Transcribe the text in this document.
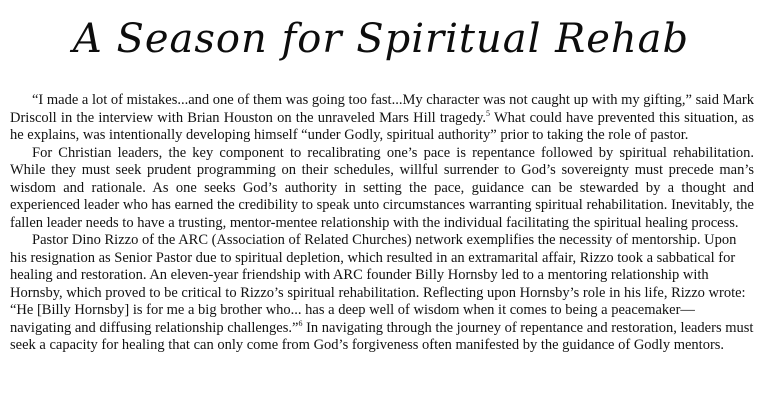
A Season for Spiritual Rehab

“I made a lot of mistakes...and one of them was going too fast...My character was not caught up with my gifting,” said Mark Driscoll in the interview with Brian Houston on the unraveled Mars Hill tragedy.$^5$ What could have prevented this situation, as he explains, was intentionally developing himself “under Godly, spiritual authority” prior to taking the role of pastor.

For Christian leaders, the key component to recalibrating one’s pace is repentance followed by spiritual rehabilitation. While they must seek prudent programming on their schedules, willful surrender to God’s sovereignty must precede man’s wisdom and rationale. As one seeks God’s authority in setting the pace, guidance can be stewarded by a thought and experienced leader who has earned the credibility to speak unto circumstances warranting spiritual rehabilitation. Inevitably, the fallen leader needs to have a trusting, mentor-mentee relationship with the individual facilitating the spiritual healing process.

Pastor Dino Rizzo of the ARC (Association of Related Churches) network exemplifies the necessity of mentorship. Upon his resignation as Senior Pastor due to spiritual depletion, which resulted in an extramarital affair, Rizzo took a sabbatical for healing and restoration. An eleven-year friendship with ARC founder Billy Hornsby led to a mentoring relationship with Hornsby, which proved to be critical to Rizzo’s spiritual rehabilitation. Reflecting upon Hornsby’s role in his life, Rizzo wrote: “He [Billy Hornsby] is for me a big brother who... has a deep well of wisdom when it comes to being a peacemaker—navigating and diffusing relationship challenges.”$^6$ In navigating through the journey of repentance and restoration, leaders must seek a capacity for healing that can only come from God’s forgiveness often manifested by the guidance of Godly mentors.
